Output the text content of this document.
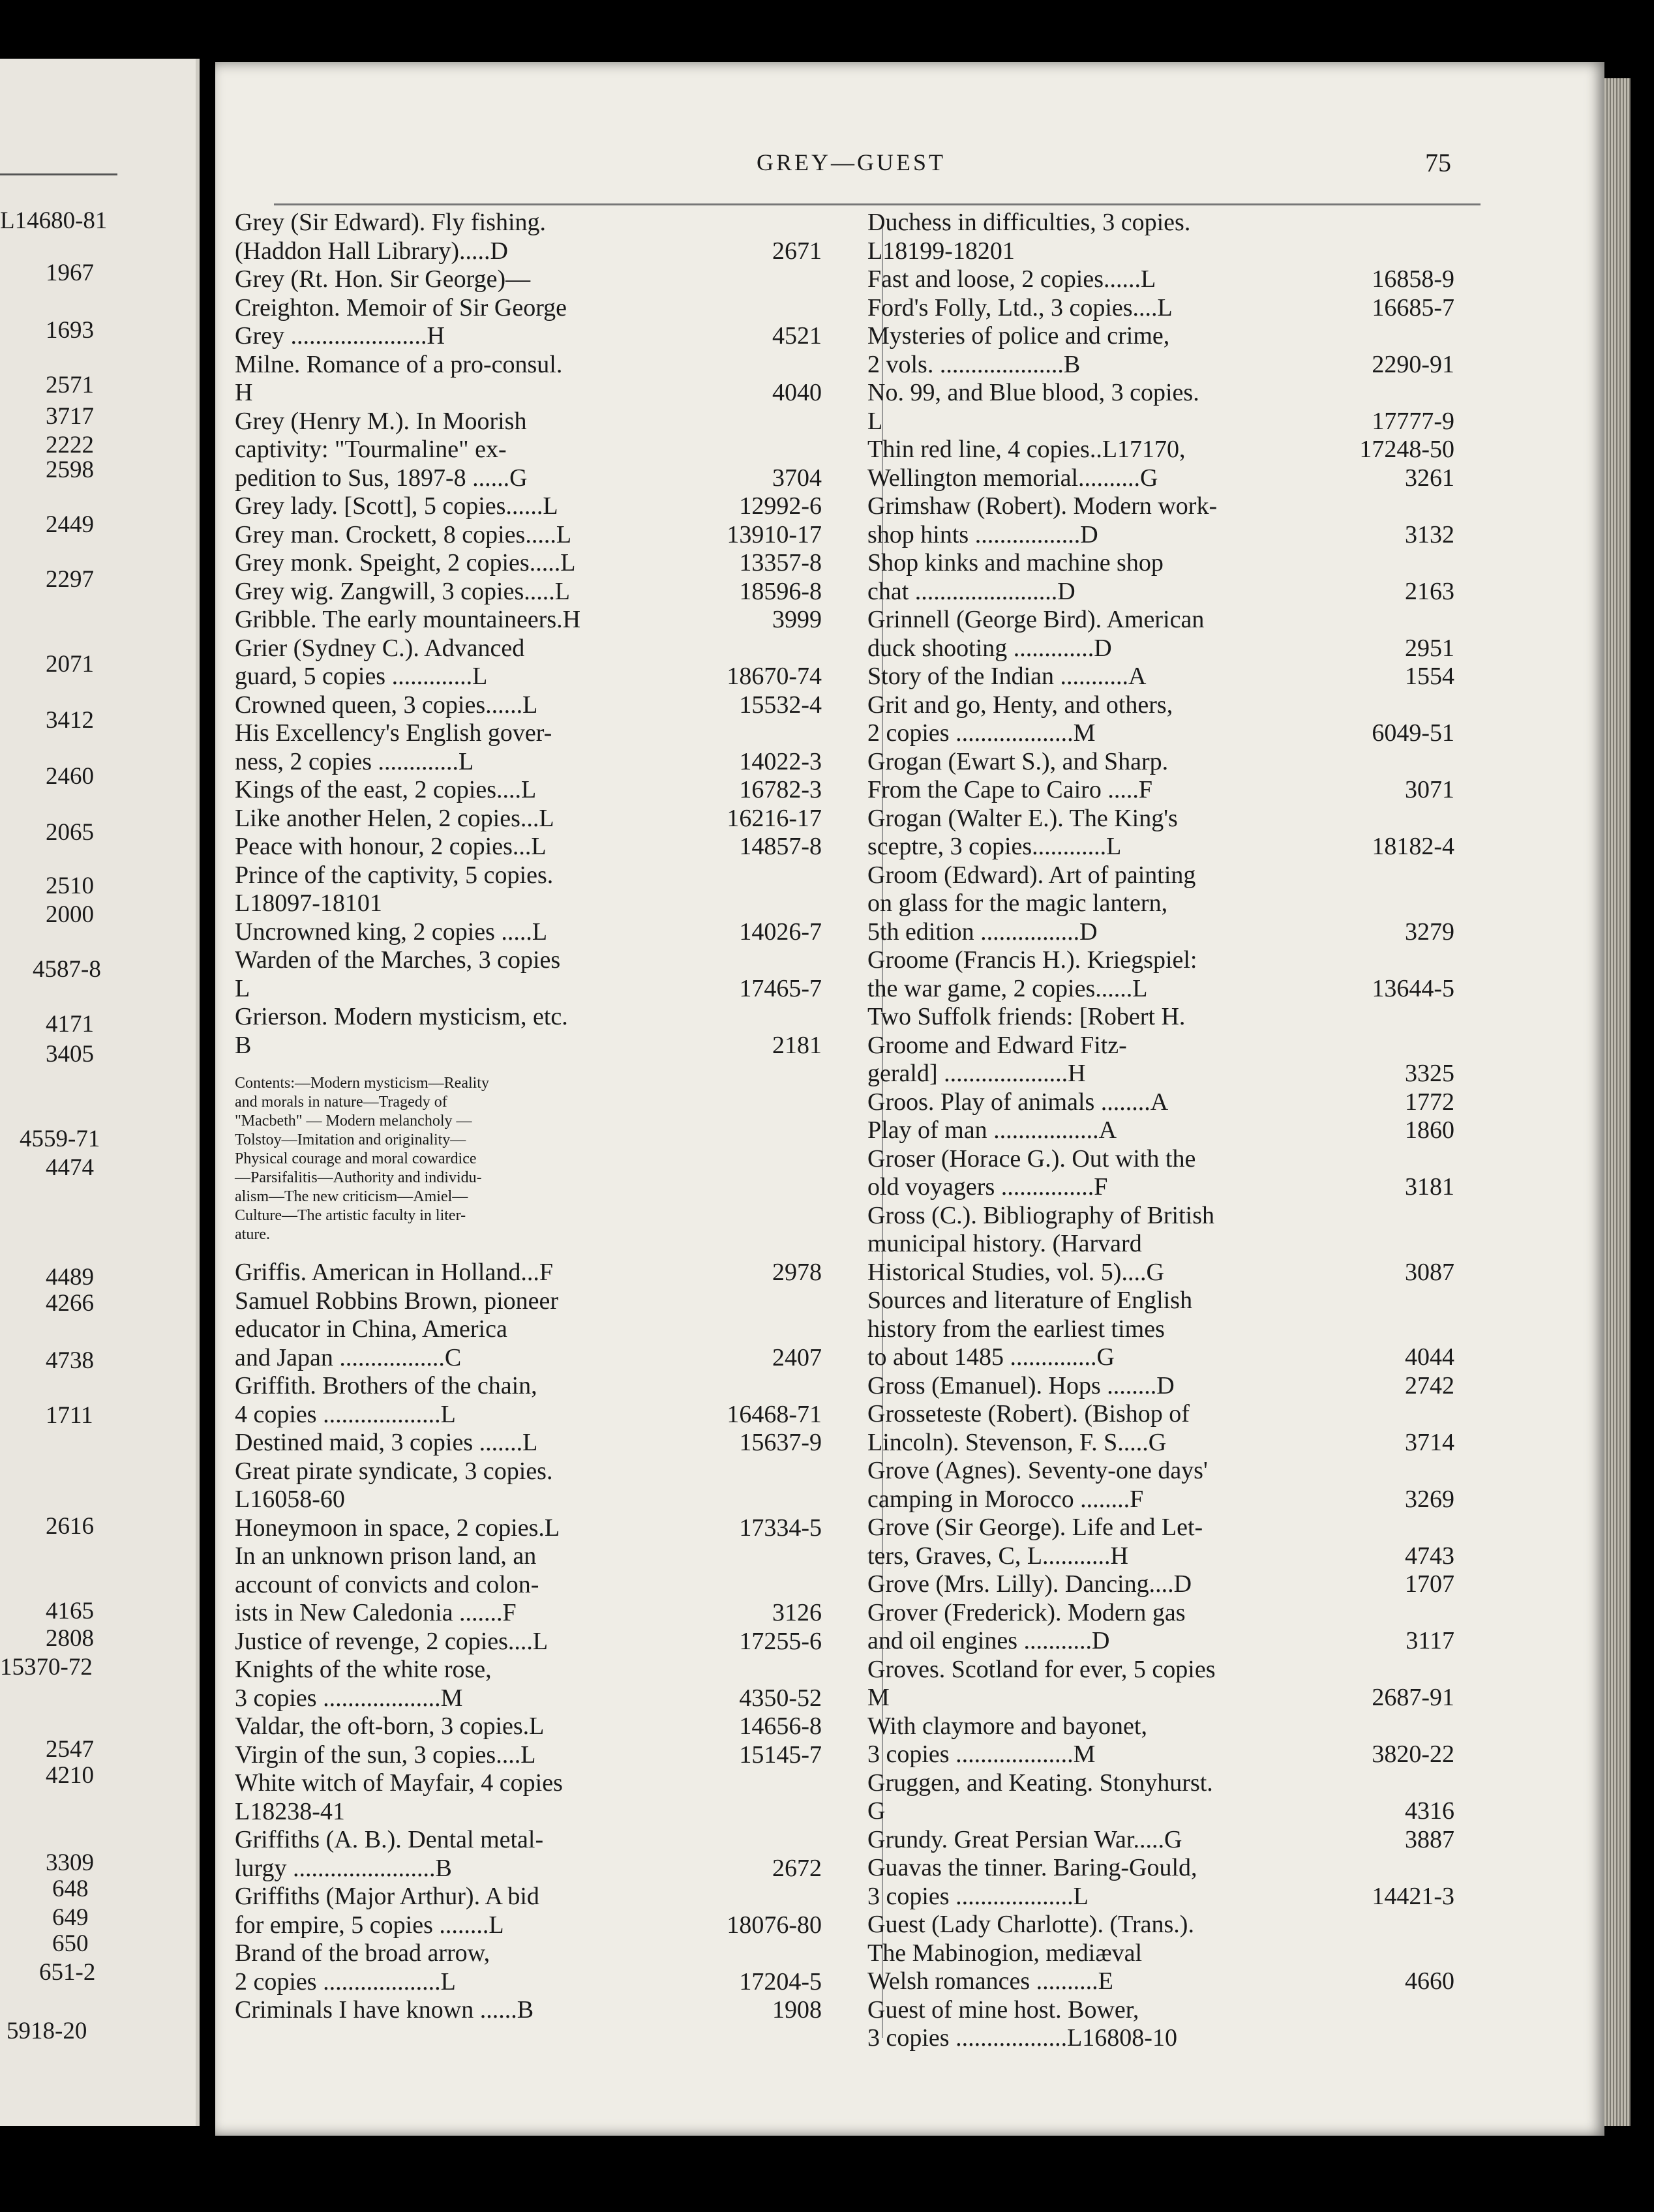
L14680-81
1967
1693
2571
3717
2222
2598
2449
2297
2071
3412
2460
2065
2510
2000
4587-8
4171
3405
4559-71
4474
4489
4266
4738
1711
2616
4165
2808
15370-72
2547
4210
3309
648
649
650
651-2
5918-20
GREY—GUEST	75
Grey (Sir Edward). Fly fishing.
(Haddon Hall Library).....D	2671
Grey (Rt. Hon. Sir George)—
Creighton. Memoir of Sir George
Grey ......................H	4521
Milne. Romance of a pro-consul.
H	4040
Grey (Henry M.). In Moorish
captivity: "Tourmaline" ex-
pedition to Sus, 1897-8 ......G	3704
Grey lady. [Scott], 5 copies......L	12992-6
Grey man. Crockett, 8 copies.....L	13910-17
Grey monk. Speight, 2 copies.....L	13357-8
Grey wig. Zangwill, 3 copies.....L	18596-8
Gribble. The early mountaineers.H	3999
Grier (Sydney C.). Advanced
guard, 5 copies .............L	18670-74
Crowned queen, 3 copies......L	15532-4
His Excellency's English gover-
ness, 2 copies .............L	14022-3
Kings of the east, 2 copies....L	16782-3
Like another Helen, 2 copies...L	16216-17
Peace with honour, 2 copies...L	14857-8
Prince of the captivity, 5 copies.
L18097-18101
Uncrowned king, 2 copies .....L	14026-7
Warden of the Marches, 3 copies
L	17465-7
Grierson. Modern mysticism, etc.
B	2181
Contents:—Modern mysticism—Reality
and morals in nature—Tragedy of
"Macbeth" — Modern melancholy —
Tolstoy—Imitation and originality—
Physical courage and moral cowardice
—Parsifalitis—Authority and individu-
alism—The new criticism—Amiel—
Culture—The artistic faculty in liter-
ature.
Griffis. American in Holland...F	2978
Samuel Robbins Brown, pioneer
educator in China, America
and Japan .................C	2407
Griffith. Brothers of the chain,
4 copies ...................L	16468-71
Destined maid, 3 copies .......L	15637-9
Great pirate syndicate, 3 copies.
L16058-60
Honeymoon in space, 2 copies.L	17334-5
In an unknown prison land, an
account of convicts and colon-
ists in New Caledonia .......F	3126
Justice of revenge, 2 copies....L	17255-6
Knights of the white rose,
3 copies ...................M	4350-52
Valdar, the oft-born, 3 copies.L	14656-8
Virgin of the sun, 3 copies....L	15145-7
White witch of Mayfair, 4 copies
L18238-41
Griffiths (A. B.). Dental metal-
lurgy .......................B	2672
Griffiths (Major Arthur). A bid
for empire, 5 copies ........L	18076-80
Brand of the broad arrow,
2 copies ...................L	17204-5
Criminals I have known ......B	1908
Duchess in difficulties, 3 copies.
L18199-18201
Fast and loose, 2 copies......L	16858-9
Ford's Folly, Ltd., 3 copies....L	16685-7
Mysteries of police and crime,
2 vols. ....................B	2290-91
No. 99, and Blue blood, 3 copies.
L	17777-9
Thin red line, 4 copies..L17170,	17248-50
Wellington memorial..........G	3261
Grimshaw (Robert). Modern work-
shop hints .................D	3132
Shop kinks and machine shop
chat .......................D	2163
Grinnell (George Bird). American
duck shooting .............D	2951
Story of the Indian ...........A	1554
Grit and go, Henty, and others,
2 copies ...................M	6049-51
Grogan (Ewart S.), and Sharp.
From the Cape to Cairo .....F	3071
Grogan (Walter E.). The King's
sceptre, 3 copies............L	18182-4
Groom (Edward). Art of painting
on glass for the magic lantern,
5th edition ................D	3279
Groome (Francis H.). Kriegspiel:
the war game, 2 copies......L	13644-5
Two Suffolk friends: [Robert H.
Groome and Edward Fitz-
gerald] ....................H	3325
Groos. Play of animals ........A	1772
Play of man .................A	1860
Groser (Horace G.). Out with the
old voyagers ...............F	3181
Gross (C.). Bibliography of British
municipal history. (Harvard
Historical Studies, vol. 5)....G	3087
Sources and literature of English
history from the earliest times
to about 1485 ..............G	4044
Gross (Emanuel). Hops ........D	2742
Grosseteste (Robert). (Bishop of
Lincoln). Stevenson, F. S.....G	3714
Grove (Agnes). Seventy-one days'
camping in Morocco ........F	3269
Grove (Sir George). Life and Let-
ters, Graves, C, L...........H	4743
Grove (Mrs. Lilly). Dancing....D	1707
Grover (Frederick). Modern gas
and oil engines ...........D	3117
Groves. Scotland for ever, 5 copies
M	2687-91
With claymore and bayonet,
3 copies ...................M	3820-22
Gruggen, and Keating. Stonyhurst.
G	4316
Grundy. Great Persian War.....G	3887
Guavas the tinner. Baring-Gould,
3 copies ...................L	14421-3
Guest (Lady Charlotte). (Trans.).
The Mabinogion, mediæval
Welsh romances ..........E	4660
Guest of mine host. Bower,
3 copies ..................L16808-10
